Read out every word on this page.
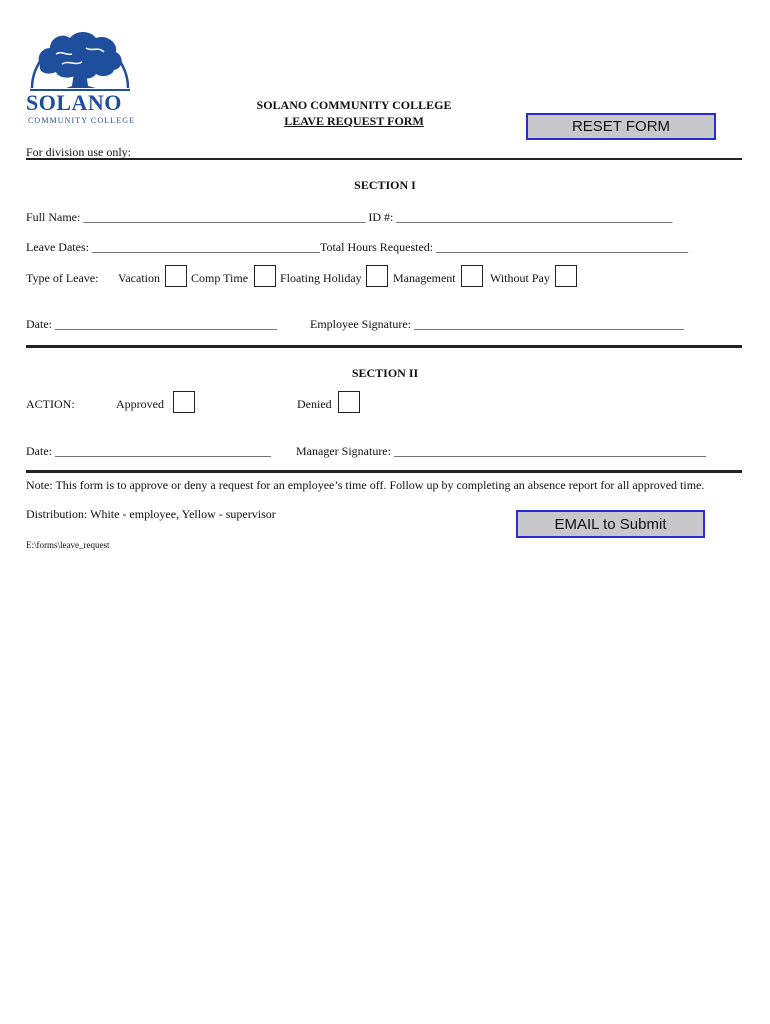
SOLANO
COMMUNITY COLLEGE
SOLANO COMMUNITY COLLEGE
LEAVE REQUEST FORM	RESET FORM
For division use only:
SECTION I
Full Name: _______________________________________________ ID #: ______________________________________________
Leave Dates: ______________________________________Total Hours Requested: __________________________________________
Type of Leave: Vacation	Comp Time	Floating Holiday	Management	Without Pay
Date: _____________________________________	Employee Signature: _____________________________________________
SECTION II
ACTION:	Approved	Denied
Date: ____________________________________ Manager Signature: ____________________________________________________
Note: This form is to approve or deny a request for an employee’s time off. Follow up by completing an absence report for all approved time.
Distribution: White - employee, Yellow - supervisor
EMAIL to Submit
E:\forms\leave_request
